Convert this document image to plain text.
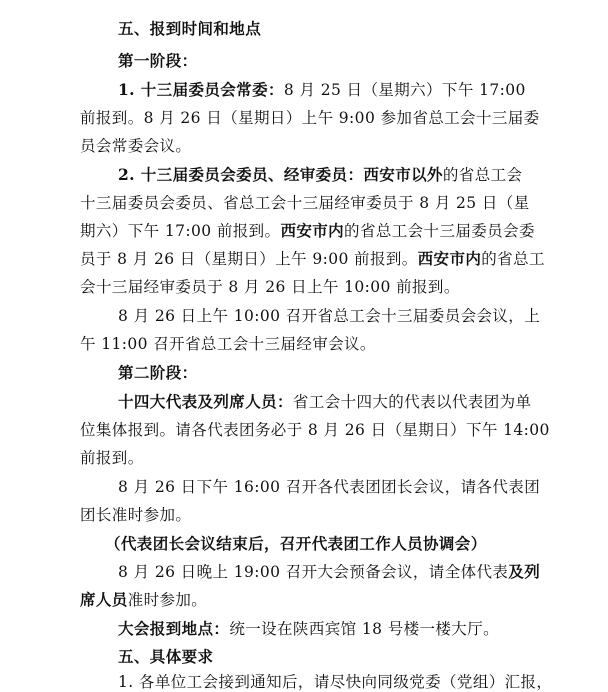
五、报到时间和地点
第一阶段：
1. 十三届委员会常委：8 月 25 日（星期六）下午 17:00
前报到。8 月 26 日（星期日）上午 9:00 参加省总工会十三届委
员会常委会议。
2. 十三届委员会委员、经审委员：西安市以外的省总工会
十三届委员会委员、省总工会十三届经审委员于 8 月 25 日（星
期六）下午 17:00 前报到。西安市内的省总工会十三届委员会委
员于 8 月 26 日（星期日）上午 9:00 前报到。西安市内的省总工
会十三届经审委员于 8 月 26 日上午 10:00 前报到。
8 月 26 日上午 10:00 召开省总工会十三届委员会会议，上
午 11:00 召开省总工会十三届经审会议。
第二阶段：
十四大代表及列席人员：省工会十四大的代表以代表团为单
位集体报到。请各代表团务必于 8 月 26 日（星期日）下午 14:00
前报到。
8 月 26 日下午 16:00 召开各代表团团长会议，请各代表团
团长准时参加。
（代表团长会议结束后，召开代表团工作人员协调会）
8 月 26 日晚上 19:00 召开大会预备会议，请全体代表及列
席人员准时参加。
大会报到地点：统一设在陕西宾馆 18 号楼一楼大厅。
五、具体要求
1. 各单位工会接到通知后，请尽快向同级党委（党组）汇报，
